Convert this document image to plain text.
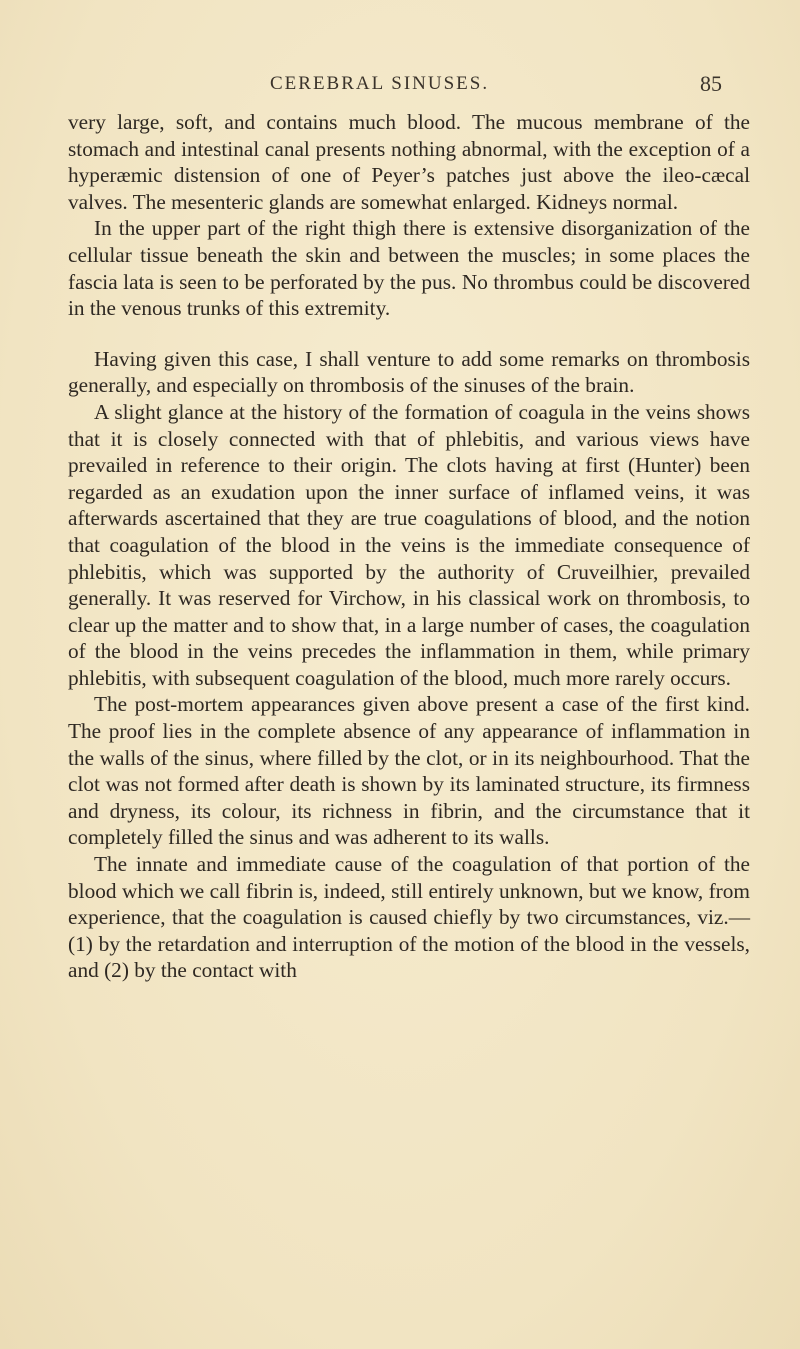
CEREBRAL SINUSES.	85

very large, soft, and contains much blood. The mucous membrane of the stomach and intestinal canal presents nothing abnormal, with the exception of a hyperæmic distension of one of Peyer’s patches just above the ileo-cæcal valves. The mesenteric glands are somewhat enlarged. Kidneys normal.

In the upper part of the right thigh there is extensive disorganization of the cellular tissue beneath the skin and between the muscles; in some places the fascia lata is seen to be perforated by the pus. No thrombus could be discovered in the venous trunks of this extremity.

Having given this case, I shall venture to add some remarks on thrombosis generally, and especially on thrombosis of the sinuses of the brain.

A slight glance at the history of the formation of coagula in the veins shows that it is closely connected with that of phlebitis, and various views have prevailed in reference to their origin. The clots having at first (Hunter) been regarded as an exudation upon the inner surface of inflamed veins, it was afterwards ascertained that they are true coagulations of blood, and the notion that coagulation of the blood in the veins is the immediate consequence of phlebitis, which was supported by the authority of Cruveilhier, prevailed generally. It was reserved for Virchow, in his classical work on thrombosis, to clear up the matter and to show that, in a large number of cases, the coagulation of the blood in the veins precedes the inflammation in them, while primary phlebitis, with subsequent coagulation of the blood, much more rarely occurs.

The post-mortem appearances given above present a case of the first kind. The proof lies in the complete absence of any appearance of inflammation in the walls of the sinus, where filled by the clot, or in its neighbourhood. That the clot was not formed after death is shown by its laminated structure, its firmness and dryness, its colour, its richness in fibrin, and the circumstance that it completely filled the sinus and was adherent to its walls.

The innate and immediate cause of the coagulation of that portion of the blood which we call fibrin is, indeed, still entirely unknown, but we know, from experience, that the coagulation is caused chiefly by two circumstances, viz.—(1) by the retardation and interruption of the motion of the blood in the vessels, and (2) by the contact with
